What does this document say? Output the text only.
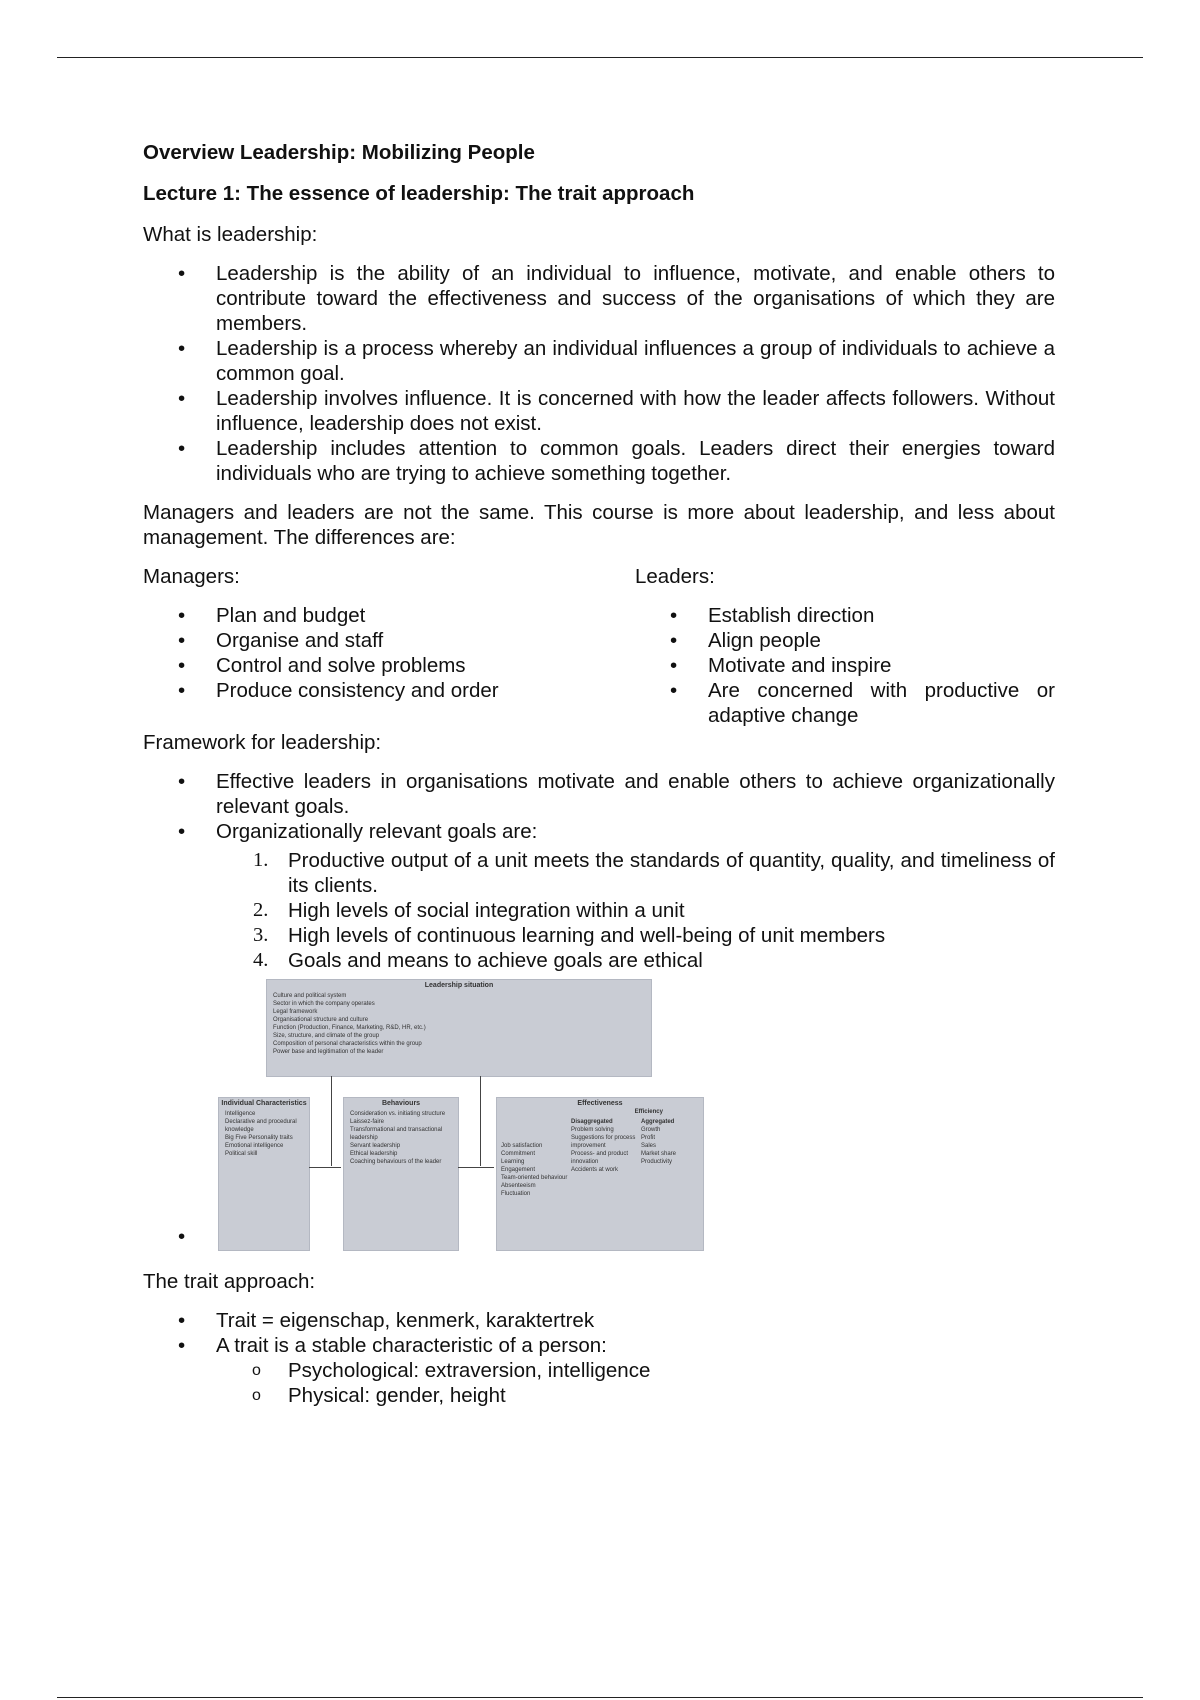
Overview Leadership: Mobilizing People
Lecture 1: The essence of leadership: The trait approach

What is leadership:

• Leadership is the ability of an individual to influence, motivate, and enable others to contribute toward the effectiveness and success of the organisations of which they are members.
• Leadership is a process whereby an individual influences a group of individuals to achieve a common goal.
• Leadership involves influence. It is concerned with how the leader affects followers. Without influence, leadership does not exist.
• Leadership includes attention to common goals. Leaders direct their energies toward individuals who are trying to achieve something together.

Managers and leaders are not the same. This course is more about leadership, and less about management. The differences are:

Managers:

• Plan and budget
• Organise and staff
• Control and solve problems
• Produce consistency and order

Leaders:

• Establish direction
• Align people
• Motivate and inspire
• Are concerned with productive or adaptive change

Framework for leadership:

• Effective leaders in organisations motivate and enable others to achieve organizationally relevant goals.
• Organizationally relevant goals are:
1. Productive output of a unit meets the standards of quantity, quality, and timeliness of its clients.
2. High levels of social integration within a unit
3. High levels of continuous learning and well-being of unit members
4. Goals and means to achieve goals are ethical
•
Leadership situation
Culture and political system
Sector in which the company operates
Legal framework
Organisational structure and culture
Function (Production, Finance, Marketing, R&D, HR, etc.)
Size, structure, and climate of the group
Composition of personal characteristics within the group
Power base and legitimation of the leader
Individual Characteristics
Intelligence
Declarative and procedural knowledge
Big Five Personality traits
Emotional intelligence
Political skill
Behaviours
Consideration vs. initiating structure
Laissez-faire
Transformational and transactional leadership
Servant leadership
Ethical leadership
Coaching behaviours of the leader
Effectiveness
Efficiency
Job satisfaction
Commitment
Learning
Engagement
Team-oriented behaviour
Absenteeism
Fluctuation
Disaggregated
Problem solving
Suggestions for process improvement
Process- and product innovation
Accidents at work
Aggregated
Growth
Profit
Sales
Market share
Productivity

The trait approach:

• Trait = eigenschap, kenmerk, karaktertrek
• A trait is a stable characteristic of a person:
o Psychological: extraversion, intelligence
o Physical: gender, height
